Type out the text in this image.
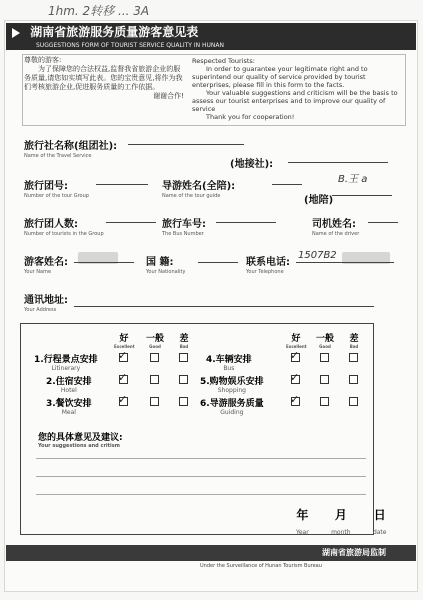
1hm. 2转移 ... 3A
湖南省旅游服务质量游客意见表
SUGGESTIONS FORM OF TOURIST SERVICE QUALITY IN HUNAN
尊敬的游客:
为了保障您的合法权益,监督我省旅游企业的服务质量,请您如实填写此表。您的宝贵意见,将作为我们考核旅游企业,促进服务质量的工作依据。
谢谢合作!
Respected Tourists:
In order to guarantee your legitimate right and to superintend our quality of service provided by tourist enterprises, please fill in this form to the facts.
Your valuable suggestions and criticism will be the basis to assess our tourist enterprises and to improve our quality of service
Thank you for cooperation!
旅行社名称(组团社):
Name of the Travel Service
(地接社):
旅行团号:
Number of the tour Group
导游姓名(全陪):
Name of the tour guide	(地陪)
B.王 a
旅行团人数:
Number of tourists in the Group
旅行车号:
The Bus Number
司机姓名:
Name of the driver
游客姓名:
Your Name
国 籍:
Your Nationality
联系电话:
Your Telephone
1507B2
通讯地址:
Your Address
好
Excellent
一般
Good
差
Bad
好
Excellent
一般
Good
差
Bad
1.行程景点安排
Litinerary
2.住宿安排
Hotel
3.餐饮安排
Meal
✓
✓
✓
4.车辆安排
Bus
5.购物娱乐安排
Shopping
6.导游服务质量
Guiding
✓
✓
✓
您的具体意见及建议:
Your suggestions and critism
年
Year  月
month  日
date
湖南省旅游局监制
Under the Surveillance of Hunan Tourism Bureau
